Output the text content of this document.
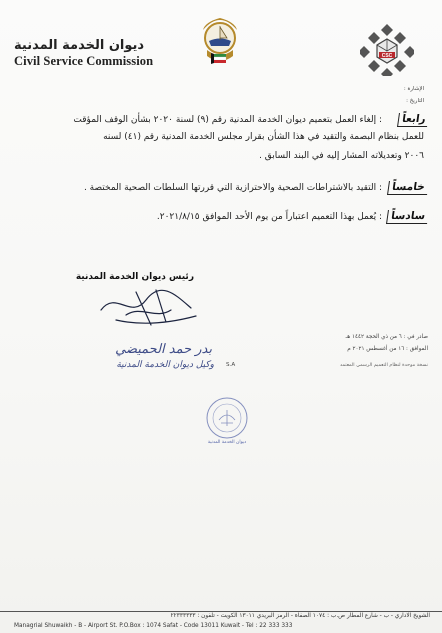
ديوان الخدمة المدنية
Civil Service Commission	CSC
الإشارة :
التاريخ :
رابعاً
: إلغاء العمل بتعميم ديوان الخدمة المدنية رقم (٩) لسنة ٢٠٢٠ بشأن الوقف المؤقت
للعمل بنظام البصمة والتقيد في هذا الشأن بقرار مجلس الخدمة المدنية رقم (٤١) لسنه
٢٠٠٦ وتعديلاته المشار إليه في البند السابق .
خامساً
: التقيد بالاشتراطات الصحية والاحترازية التي قررتها السلطات الصحية المختصة .
سادساً
: يُعمل بهذا التعميم اعتباراً من يوم الأحد الموافق ٢٠٢١/٨/١٥.
رئيس ديوان الخدمة المدنية
بدر حمد الحميضي
وكيل ديوان الخدمة المدنية
صادر في : ٦ من ذي الحجة ١٤٤٢ هـ
الموافق : ١٦ من أغسطس ٢٠٢١ م
نسخة موحدة لنظام التعميم الرسمي المعتمد
S.A
ديوان الخدمة المدنية
الشويخ الاداري - ب - شارع المطار ص.ب : ١٠٧٤ الصفاة - الرمز البريدي ١٣٠١١ الكويت - تلفون : ٢٢٣٣٣٣٣٣
Managrial Shuwaikh - B - Airport St. P.O.Box : 1074 Safat - Code 13011 Kuwait - Tel : 22 333 333
